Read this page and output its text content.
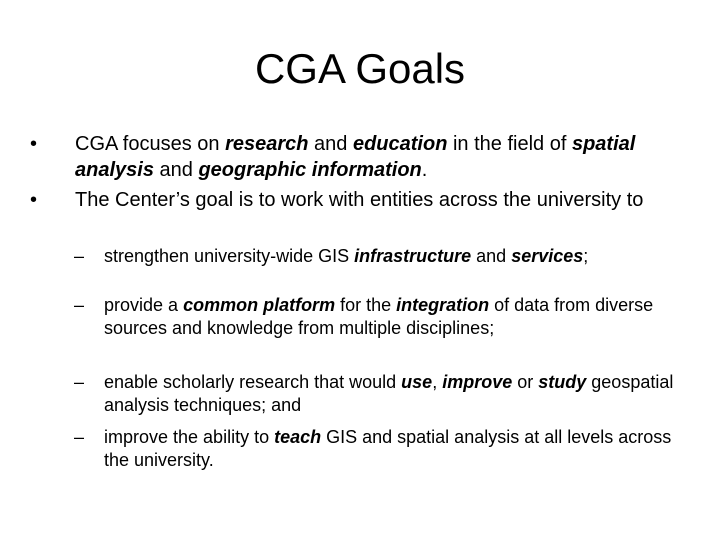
CGA Goals
• CGA focuses on research and education in the field of spatial analysis and geographic information.
• The Center’s goal is to work with entities across the university to
– strengthen university-wide GIS infrastructure and services;
– provide a common platform for the integration of data from diverse sources and knowledge from multiple disciplines;
– enable scholarly research that would use, improve or study geospatial analysis techniques; and
– improve the ability to teach GIS and spatial analysis at all levels across the university.
